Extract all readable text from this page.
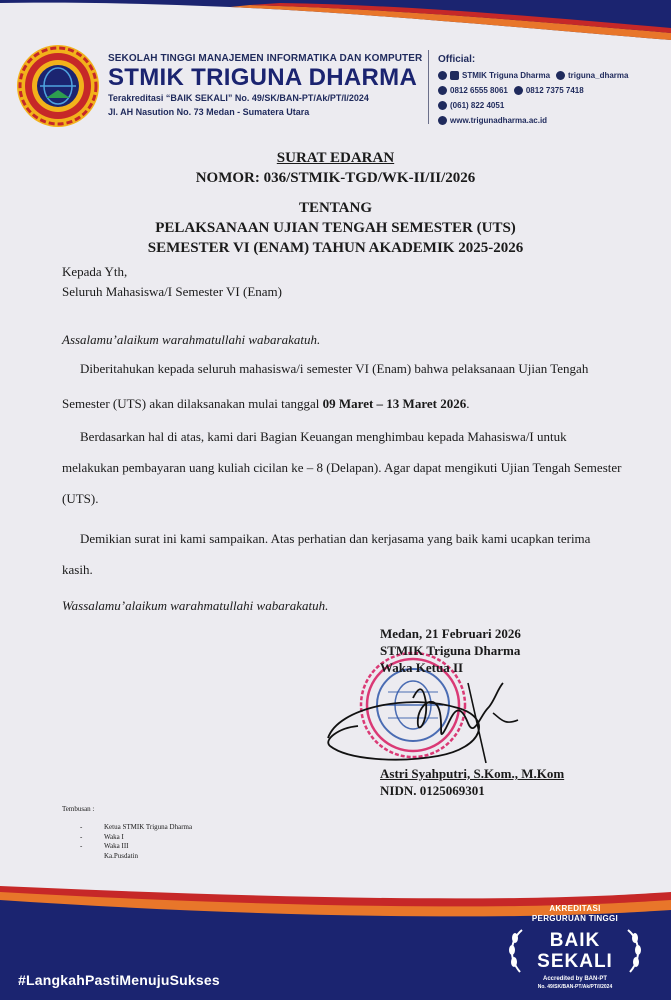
SEKOLAH TINGGI MANAJEMEN INFORMATIKA DAN KOMPUTER
STMIK TRIGUNA DHARMA
Terakreditasi “BAIK SEKALI” No. 49/SK/BAN-PT/Ak/PT/I/2024
Jl. AH Nasution No. 73 Medan - Sumatera Utara
Official:
STMIK Triguna Dharma triguna_dharma
0812 6555 8061 0812 7375 7418
(061) 822 4051
www.trigunadharma.ac.id
SURAT EDARAN
NOMOR: 036/STMIK-TGD/WK-II/II/2026
TENTANG
PELAKSANAAN UJIAN TENGAH SEMESTER (UTS)
SEMESTER VI (ENAM) TAHUN AKADEMIK 2025-2026
Kepada Yth,
Seluruh Mahasiswa/I Semester VI (Enam)
Assalamu’alaikum warahmatullahi wabarakatuh.
Diberitahukan kepada seluruh mahasiswa/i semester VI (Enam) bahwa pelaksanaan Ujian Tengah Semester (UTS) akan dilaksanakan mulai tanggal 09 Maret – 13 Maret 2026.
Berdasarkan hal di atas, kami dari Bagian Keuangan menghimbau kepada Mahasiswa/I untuk melakukan pembayaran uang kuliah cicilan ke – 8 (Delapan). Agar dapat mengikuti Ujian Tengah Semester (UTS).
Demikian surat ini kami sampaikan. Atas perhatian dan kerjasama yang baik kami ucapkan terima kasih.
Wassalamu’alaikum warahmatullahi wabarakatuh.
Medan, 21 Februari 2026
STMIK Triguna Dharma
Waka Ketua II
Astri Syahputri, S.Kom., M.Kom
NIDN. 0125069301
Tembusan :
-	Ketua STMIK Triguna Dharma
-	Waka I
-	Waka III
Ka.Pusdatin
#LangkahPastiMenujuSukses
AKREDITASI
PERGURUAN TINGGI
BAIK
SEKALI
Accredited by BAN-PT
No. 49/SK/BAN-PT/Ak/PT/I/2024
